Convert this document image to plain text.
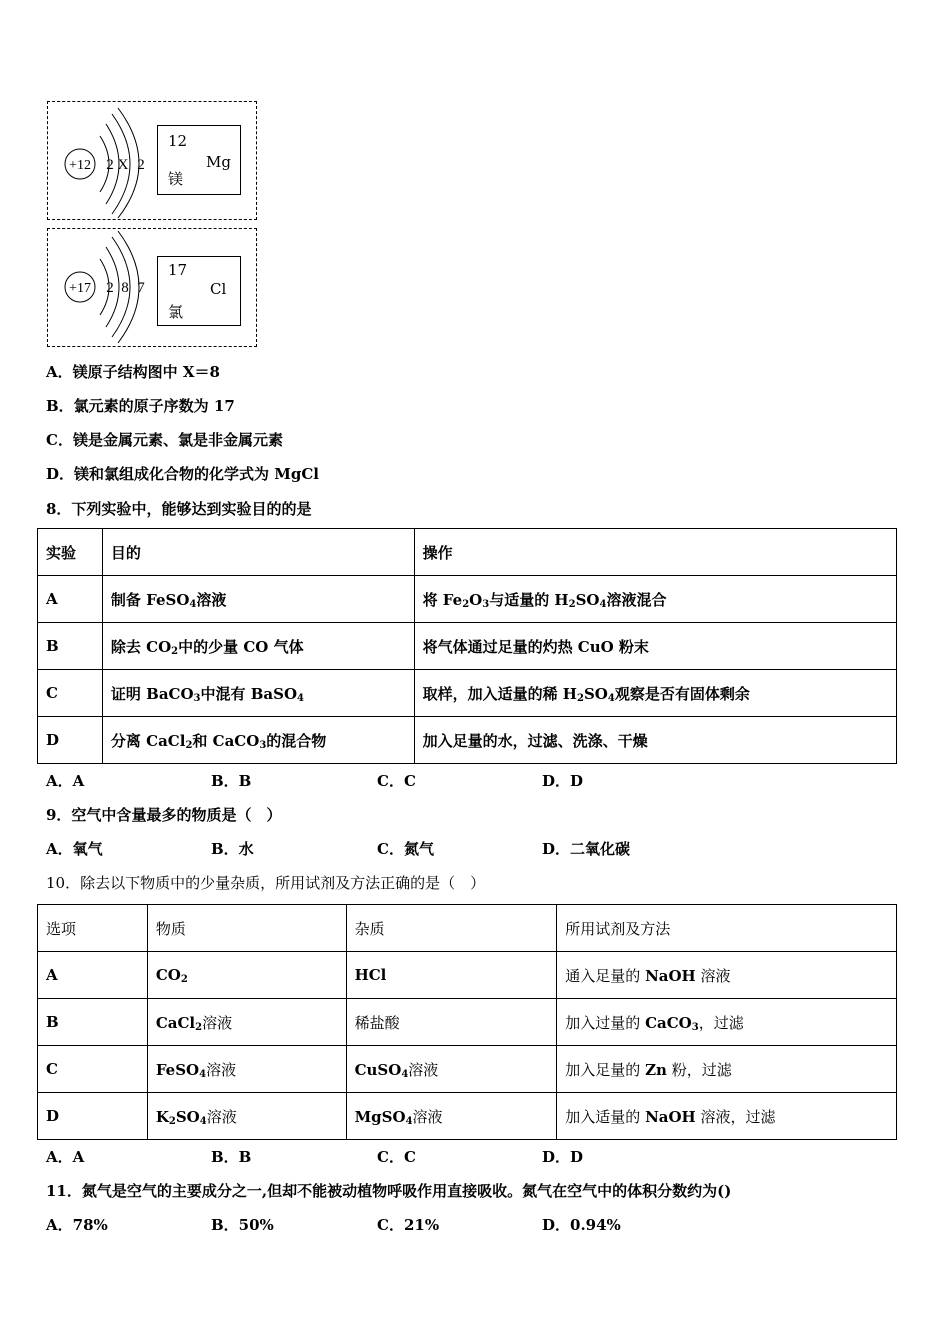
+12 2 X 2
12
Mg
镁
+17 2 8 7
17
Cl
氯
A．镁原子结构图中 X＝8
B．氯元素的原子序数为 17
C．镁是金属元素、氯是非金属元素
D．镁和氯组成化合物的化学式为 MgCl
8．下列实验中，能够达到实验目的的是
实验	目的	操作
A	制备 FeSO$_4$溶液	将 $Fe_2O_3$与适量的 $H_2SO_4$溶液混合
B	除去 $CO_2$中的少量 CO 气体	将气体通过足量的灼热 CuO 粉末
C	证明 BaCO$_3$中混有 BaSO$_4$	取样，加入适量的稀 $H_2SO_4$观察是否有固体剩余
D	分离 CaCl$_2$和 CaCO$_3$的混合物	加入足量的水，过滤、洗涤、干燥
A．A	B．B	C．C	D．D
9．空气中含量最多的物质是（　）
A．氧气	B．水	C．氮气	D．二氧化碳
10．除去以下物质中的少量杂质，所用试剂及方法正确的是（　）
选项	物质	杂质	所用试剂及方法
A	$CO_2$	HCl	通入足量的 NaOH 溶液
B	CaCl$_2$溶液	稀盐酸	加入过量的 CaCO$_3$，过滤
C	FeSO$_4$溶液	CuSO$_4$溶液	加入足量的 Zn 粉，过滤
D	$K_2SO_4$溶液	MgSO$_4$溶液	加入适量的 NaOH 溶液，过滤
A．A	B．B	C．C	D．D
11．氮气是空气的主要成分之一,但却不能被动植物呼吸作用直接吸收。氮气在空气中的体积分数约为()
A．78%	B．50%	C．21%	D．0.94%
